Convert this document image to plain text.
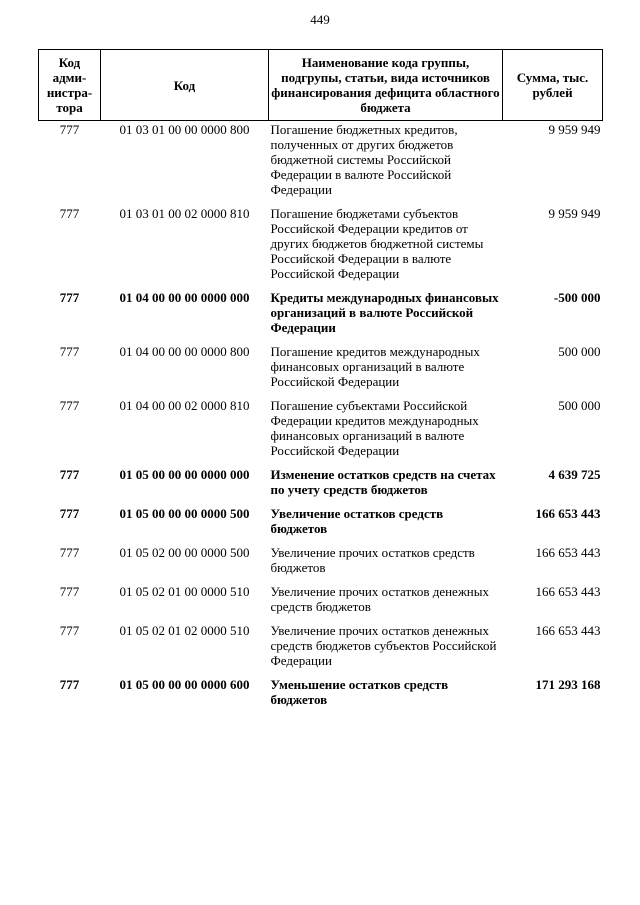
449
Код адми-нистра-тора	Код	Наименование кода группы, подгрупы, статьи, вида источников финансирования дефицита областного бюджета	Сумма, тыс. рублей
777	01 03 01 00 00 0000 800	Погашение бюджетных кредитов, полученных от других бюджетов бюджетной системы Российской Федерации в валюте Российской Федерации	9 959 949
777	01 03 01 00 02 0000 810	Погашение бюджетами субъектов Российской Федерации кредитов от других бюджетов бюджетной системы Российской Федерации в валюте Российской Федерации	9 959 949
777	01 04 00 00 00 0000 000	Кредиты международных финансовых организаций в валюте Российской Федерации	-500 000
777	01 04 00 00 00 0000 800	Погашение кредитов международных финансовых организаций в валюте Российской Федерации	500 000
777	01 04 00 00 02 0000 810	Погашение субъектами Российской Федерации кредитов международных финансовых организаций в валюте Российской Федерации	500 000
777	01 05 00 00 00 0000 000	Изменение остатков средств на счетах по учету средств бюджетов	4 639 725
777	01 05 00 00 00 0000 500	Увеличение остатков средств бюджетов	166 653 443
777	01 05 02 00 00 0000 500	Увеличение прочих остатков средств бюджетов	166 653 443
777	01 05 02 01 00 0000 510	Увеличение прочих остатков денежных средств бюджетов	166 653 443
777	01 05 02 01 02 0000 510	Увеличение прочих остатков денежных средств бюджетов субъектов Российской Федерации	166 653 443
777	01 05 00 00 00 0000 600	Уменьшение остатков средств бюджетов	171 293 168
